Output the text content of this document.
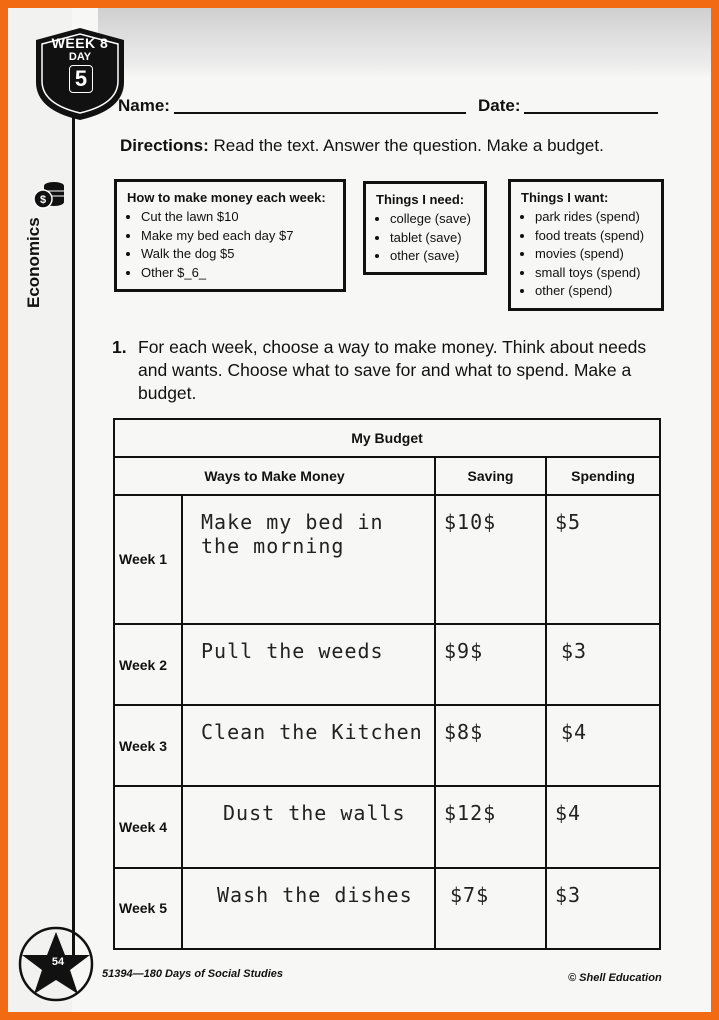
WEEK 8
DAY
5
Name:	Date:
Directions: Read the text. Answer the question. Make a budget.
$
Economics
How to make money each week:
• Cut the lawn $10
• Make my bed each day $7
• Walk the dog $5
• Other $_6_
Things I need:
• college (save)
• tablet (save)
• other (save)
Things I want:
• park rides (spend)
• food treats (spend)
• movies (spend)
• small toys (spend)
• other (spend)
1. For each week, choose a way to make money. Think about needs and wants. Choose what to save for and what to spend. Make a budget.
My Budget			
Ways to Make Money		Saving	Spending
Week 1	Make my bed in the morning	$10$	$5
Week 2	Pull the weeds	$9$	$3
Week 3	Clean the Kitchen	$8$	$4
Week 4	Dust the walls	$12$	$4
Week 5	Wash the dishes	$7$	$3
54
51394—180 Days of Social Studies	© Shell Education
